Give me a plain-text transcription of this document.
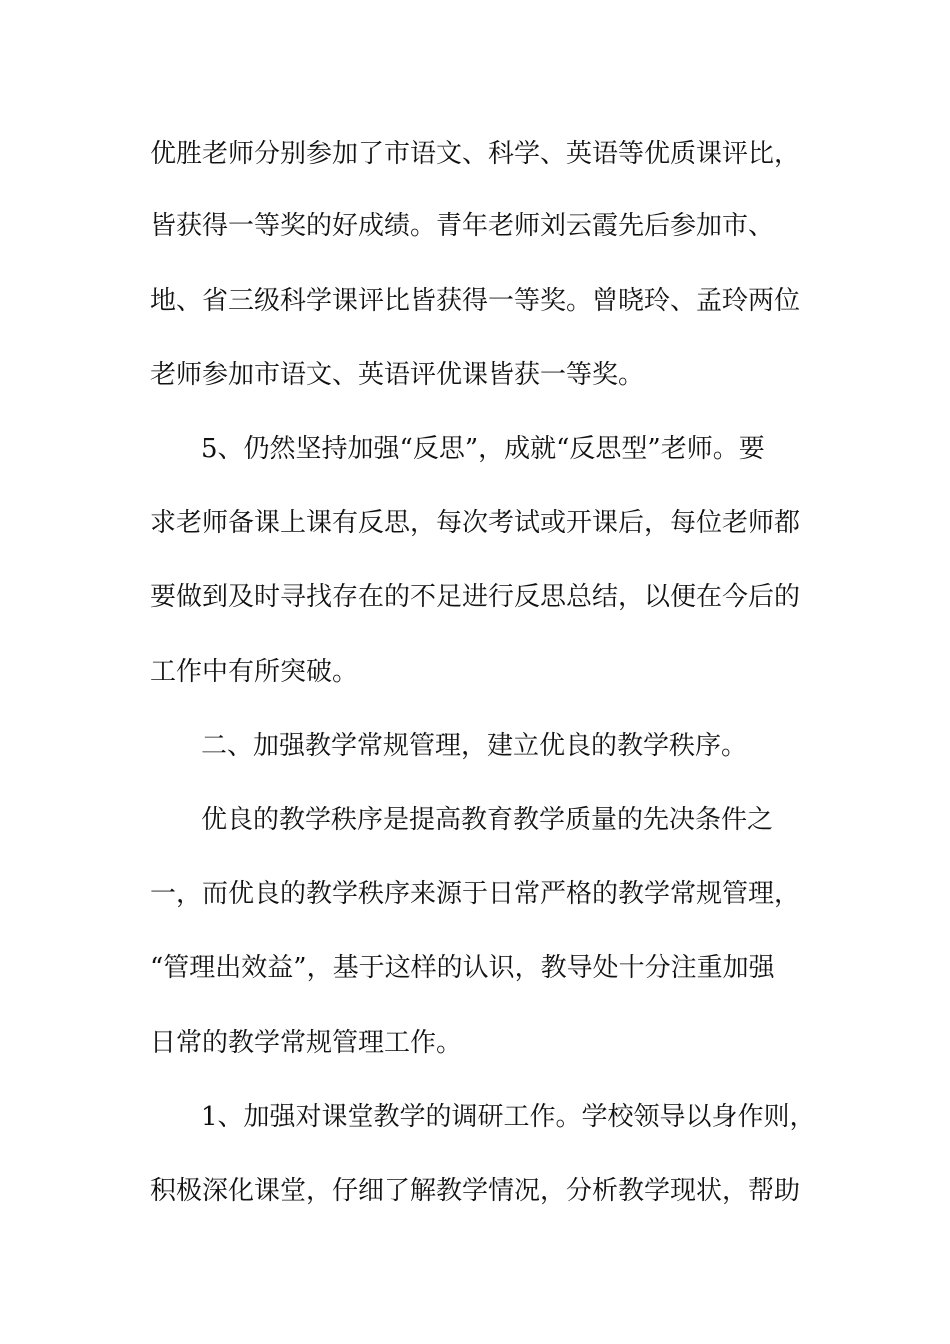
优胜老师分别参加了市语文、科学、英语等优质课评比，
皆获得一等奖的好成绩。青年老师刘云霞先后参加市、
地、省三级科学课评比皆获得一等奖。曾晓玲、孟玲两位
老师参加市语文、英语评优课皆获一等奖。
5、仍然坚持加强“反思”，成就“反思型”老师。要
求老师备课上课有反思，每次考试或开课后，每位老师都
要做到及时寻找存在的不足进行反思总结，以便在今后的
工作中有所突破。
二、加强教学常规管理，建立优良的教学秩序。
优良的教学秩序是提高教育教学质量的先决条件之
一，而优良的教学秩序来源于日常严格的教学常规管理，
“管理出效益”，基于这样的认识，教导处十分注重加强
日常的教学常规管理工作。
1、加强对课堂教学的调研工作。学校领导以身作则，
积极深化课堂，仔细了解教学情况，分析教学现状，帮助
